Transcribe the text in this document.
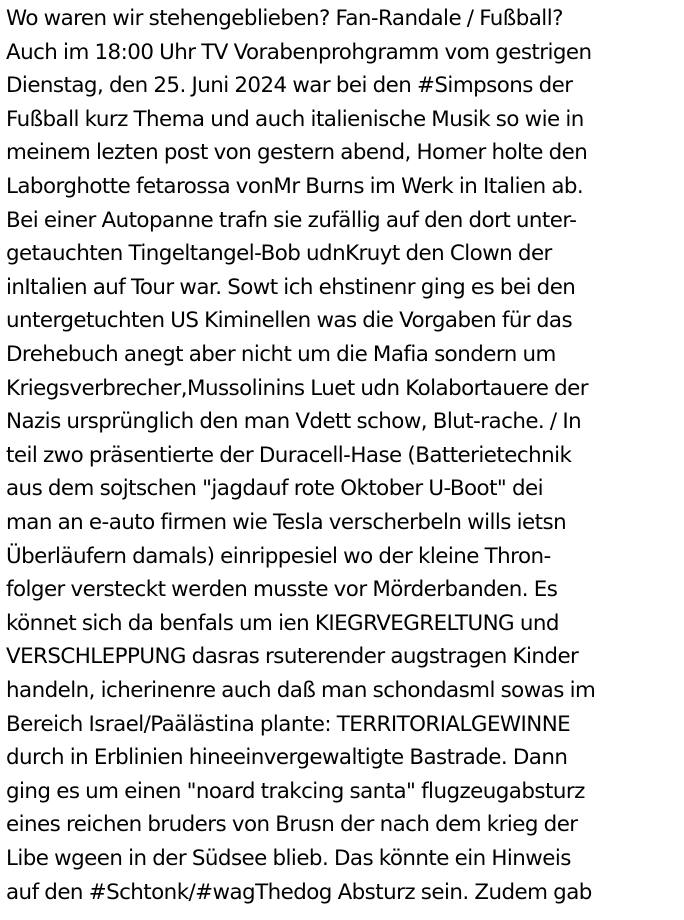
Wo waren wir stehengeblieben? Fan-Randale / Fußball?
Auch im 18:00 Uhr TV Vorabenprohgramm vom gestrigen
Dienstag, den 25. Juni 2024 war bei den #Simpsons der
Fußball kurz Thema und auch italienische Musik so wie in
meinem lezten post von gestern abend, Homer holte den
Laborghotte fetarossa vonMr Burns im Werk in Italien ab.
Bei einer Autopanne trafn sie zufällig auf den dort unter-
getauchten Tingeltangel-Bob udnKruyt den Clown der
inItalien auf Tour war. Sowt ich ehstinenr ging es bei den
untergetuchten US Kiminellen was die Vorgaben für das
Drehebuch anegt aber nicht um die Mafia sondern um
Kriegsverbrecher,Mussolinins Luet udn Kolabortauere der
Nazis ursprünglich den man Vdett schow, Blut-rache. / In
teil zwo präsentierte der Duracell-Hase (Batterietechnik
aus dem sojtschen "jagdauf rote Oktober U-Boot" dei
man an e-auto firmen wie Tesla verscherbeln wills ietsn
Überläufern damals) einrippesiel wo der kleine Thron-
folger versteckt werden musste vor Mörderbanden. Es
könnet sich da benfals um ien KIEGRVEGRELTUNG und
VERSCHLEPPUNG dasras rsuterender augstragen Kinder
handeln, icherinenre auch daß man schondasml sowas im
Bereich Israel/Paälästina plante: TERRITORIALGEWINNE
durch in Erblinien hineeinvergewaltigte Bastrade. Dann
ging es um einen "noard trakcing santa" flugzeugabsturz
eines reichen bruders von Brusn der nach dem krieg der
Libe wgeen in der Südsee blieb. Das könnte ein Hinweis
auf den #Schtonk/#wagThedog Absturz sein. Zudem gab
